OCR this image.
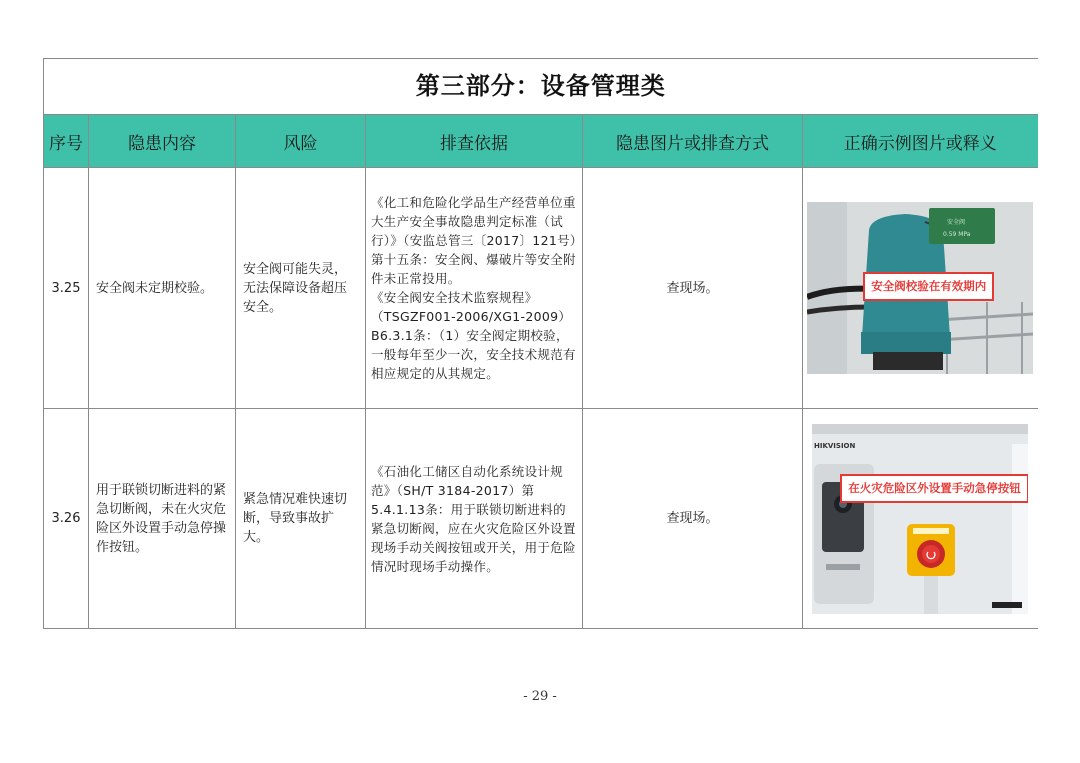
第三部分：设备管理类					
序号	隐患内容	风险	排查依据	隐患图片或排查方式	正确示例图片或释义
3.25	安全阀未定期校验。	安全阀可能失灵，无法保障设备超压安全。	《化工和危险化学品生产经营单位重大生产安全事故隐患判定标准（试行）》（安监总管三〔2017〕121号）第十五条：安全阀、爆破片等安全附件未正常投用。
《安全阀安全技术监察规程》（TSGZF001-2006/XG1-2009）B6.3.1条：（1）安全阀定期校验，一般每年至少一次，安全技术规范有相应规定的从其规定。	查现场。	安全阀
0.59 MPa
安全阀校验在有效期内

3.26	用于联锁切断进料的紧急切断阀，未在火灾危险区外设置手动急停操作按钮。	紧急情况难快速切断，导致事故扩大。	《石油化工储区自动化系统设计规范》（SH/T 3184-2017）第5.4.1.13条：用于联锁切断进料的紧急切断阀，应在火灾危险区外设置现场手动关阀按钮或开关，用于危险情况时现场手动操作。	查现场。	HIKVISION
在火灾危险区外设置手动急停按钮
- 29 -
